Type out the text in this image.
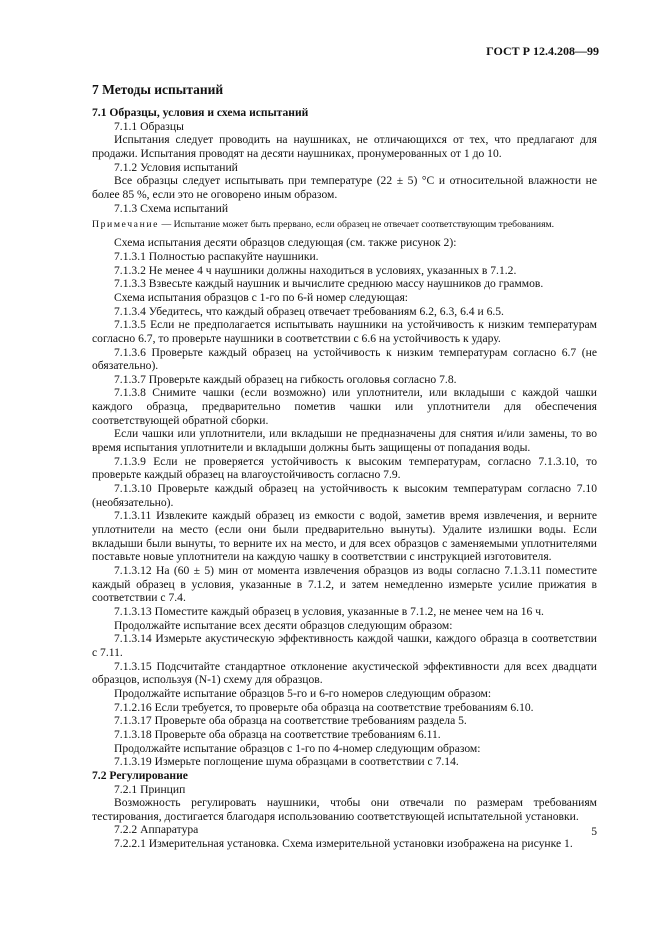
ГОСТ Р 12.4.208—99
7 Методы испытаний

7.1 Образцы, условия и схема испытаний

7.1.1 Образцы

Испытания следует проводить на наушниках, не отличающихся от тех, что предлагают для продажи. Испытания проводят на десяти наушниках, пронумерованных от 1 до 10.

7.1.2 Условия испытаний

Все образцы следует испытывать при температуре (22 ± 5) °С и относительной влажности не более 85 %, если это не оговорено иным образом.

7.1.3 Схема испытаний

Примечание — Испытание может быть прервано, если образец не отвечает соответствующим требованиям.

Схема испытания десяти образцов следующая (см. также рисунок 2):

7.1.3.1 Полностью распакуйте наушники.

7.1.3.2 Не менее 4 ч наушники должны находиться в условиях, указанных в 7.1.2.

7.1.3.3 Взвесьте каждый наушник и вычислите среднюю массу наушников до граммов.

Схема испытания образцов с 1-го по 6-й номер следующая:

7.1.3.4 Убедитесь, что каждый образец отвечает требованиям 6.2, 6.3, 6.4 и 6.5.

7.1.3.5 Если не предполагается испытывать наушники на устойчивость к низким температурам согласно 6.7, то проверьте наушники в соответствии с 6.6 на устойчивость к удару.

7.1.3.6 Проверьте каждый образец на устойчивость к низким температурам согласно 6.7 (не обязательно).

7.1.3.7 Проверьте каждый образец на гибкость оголовья согласно 7.8.

7.1.3.8 Снимите чашки (если возможно) или уплотнители, или вкладыши с каждой чашки каждого образца, предварительно пометив чашки или уплотнители для обеспечения соответствующей обратной сборки.

Если чашки или уплотнители, или вкладыши не предназначены для снятия и/или замены, то во время испытания уплотнители и вкладыши должны быть защищены от попадания воды.

7.1.3.9 Если не проверяется устойчивость к высоким температурам, согласно 7.1.3.10, то проверьте каждый образец на влагоустойчивость согласно 7.9.

7.1.3.10 Проверьте каждый образец на устойчивость к высоким температурам согласно 7.10 (необязательно).

7.1.3.11 Извлеките каждый образец из емкости с водой, заметив время извлечения, и верните уплотнители на место (если они были предварительно вынуты). Удалите излишки воды. Если вкладыши были вынуты, то верните их на место, и для всех образцов с заменяемыми уплотнителями поставьте новые уплотнители на каждую чашку в соответствии с инструкцией изготовителя.

7.1.3.12 На (60 ± 5) мин от момента извлечения образцов из воды согласно 7.1.3.11 поместите каждый образец в условия, указанные в 7.1.2, и затем немедленно измерьте усилие прижатия в соответствии с 7.4.

7.1.3.13 Поместите каждый образец в условия, указанные в 7.1.2, не менее чем на 16 ч.

Продолжайте испытание всех десяти образцов следующим образом:

7.1.3.14 Измерьте акустическую эффективность каждой чашки, каждого образца в соответствии с 7.11.

7.1.3.15 Подсчитайте стандартное отклонение акустической эффективности для всех двадцати образцов, используя (N-1) схему для образцов.

Продолжайте испытание образцов 5-го и 6-го номеров следующим образом:

7.1.2.16 Если требуется, то проверьте оба образца на соответствие требованиям 6.10.

7.1.3.17 Проверьте оба образца на соответствие требованиям раздела 5.

7.1.3.18 Проверьте оба образца на соответствие требованиям 6.11.

Продолжайте испытание образцов с 1-го по 4-номер следующим образом:

7.1.3.19 Измерьте поглощение шума образцами в соответствии с 7.14.

7.2 Регулирование

7.2.1 Принцип

Возможность регулировать наушники, чтобы они отвечали по размерам требованиям тестирования, достигается благодаря использованию соответствующей испытательной установки.

7.2.2 Аппаратура

7.2.2.1 Измерительная установка. Схема измерительной установки изображена на рисунке 1.

5
